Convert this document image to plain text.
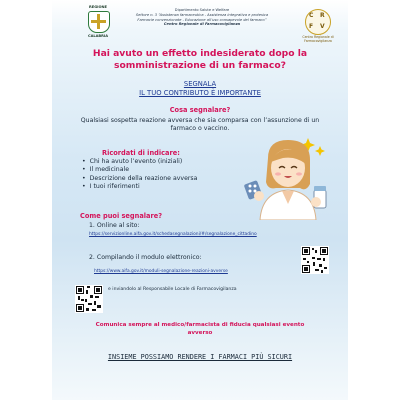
REGIONE
CALABRIA
Dipartimento Salute e Welfare
Settore n. 3 “Assistenza farmaceutica - Assistenza integrativa e protesica
Farmacie convenzionate - Educazione all’uso consapevole del farmaco”
Centro Regionale di Farmacovigilanza
C R
F V
Centro Regionale di Farmacovigilanza
Hai avuto un effetto indesiderato dopo la somministrazione di un farmaco?
SEGNALA
IL TUO CONTRIBUTO È IMPORTANTE
Cosa segnalare?
Qualsiasi sospetta reazione avversa che sia comparsa con l’assunzione di un farmaco o vaccino.
Ricordati di indicare:
• Chi ha avuto l’evento (iniziali)
• Il medicinale
• Descrizione della reazione avversa
• I tuoi riferimenti
Come puoi segnalare?
1. Online al sito:
https://servizionline.aifa.gov.it/schedasegnalazioni/#/segnalazione_cittadino
2. Compilando il modulo elettronico:
https://www.aifa.gov.it/moduli-segnalazione-reazioni-avverse
e inviandolo al Responsabile Locale di Farmacovigilanza
Comunica sempre al medico/farmacista di fiducia qualsiasi evento avverso
INSIEME POSSIAMO RENDERE I FARMACI PIÙ SICURI
